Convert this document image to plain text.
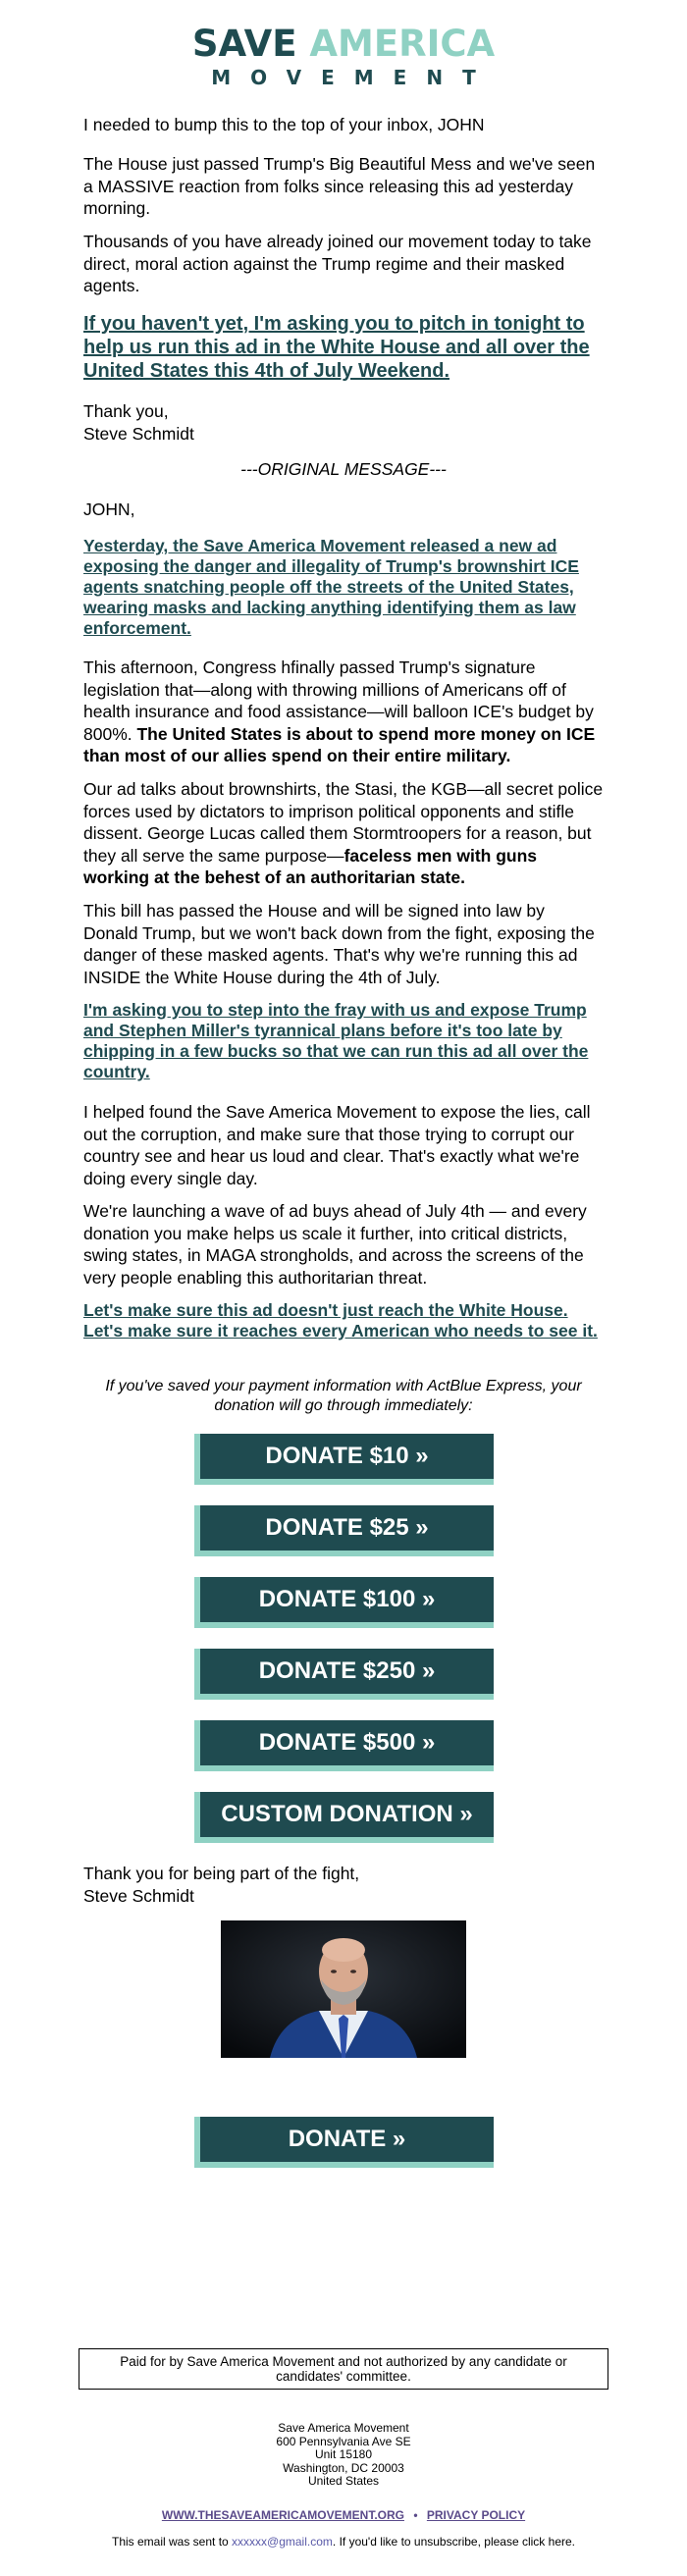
SAVE AMERICA
MOVEMENT

I needed to bump this to the top of your inbox, JOHN

The House just passed Trump's Big Beautiful Mess and we've seen a MASSIVE reaction from folks since releasing this ad yesterday morning.

Thousands of you have already joined our movement today to take direct, moral action against the Trump regime and their masked agents.

If you haven't yet, I'm asking you to pitch in tonight to help us run this ad in the White House and all over the United States this 4th of July Weekend.

Thank you,

Steve Schmidt

---ORIGINAL MESSAGE---

JOHN,

Yesterday, the Save America Movement released a new ad exposing the danger and illegality of Trump's brownshirt ICE agents snatching people off the streets of the United States, wearing masks and lacking anything identifying them as law enforcement.

This afternoon, Congress hfinally passed Trump's signature legislation that—along with throwing millions of Americans off of health insurance and food assistance—will balloon ICE's budget by 800%. The United States is about to spend more money on ICE than most of our allies spend on their entire military.

Our ad talks about brownshirts, the Stasi, the KGB—all secret police forces used by dictators to imprison political opponents and stifle dissent. George Lucas called them Stormtroopers for a reason, but they all serve the same purpose—faceless men with guns working at the behest of an authoritarian state.

This bill has passed the House and will be signed into law by Donald Trump, but we won't back down from the fight, exposing the danger of these masked agents. That's why we're running this ad INSIDE the White House during the 4th of July.

I'm asking you to step into the fray with us and expose Trump and Stephen Miller's tyrannical plans before it's too late by chipping in a few bucks so that we can run this ad all over the country.

I helped found the Save America Movement to expose the lies, call out the corruption, and make sure that those trying to corrupt our country see and hear us loud and clear. That's exactly what we're doing every single day.

We're launching a wave of ad buys ahead of July 4th — and every donation you make helps us scale it further, into critical districts, swing states, in MAGA strongholds, and across the screens of the very people enabling this authoritarian threat.

Let's make sure this ad doesn't just reach the White House. Let's make sure it reaches every American who needs to see it.

If you've saved your payment information with ActBlue Express, your donation will go through immediately:

DONATE $10 »
DONATE $25 »
DONATE $100 »
DONATE $250 »
DONATE $500 »
CUSTOM DONATION »

Thank you for being part of the fight,

Steve Schmidt

DONATE »
Paid for by Save America Movement and not authorized by any candidate or candidates' committee.
Save America Movement
600 Pennsylvania Ave SE
Unit 15180
Washington, DC 20003
United States
WWW.THESAVEAMERICAMOVEMENT.ORG • PRIVACY POLICY
This email was sent to xxxxxx@gmail.com. If you'd like to unsubscribe, please click here.
